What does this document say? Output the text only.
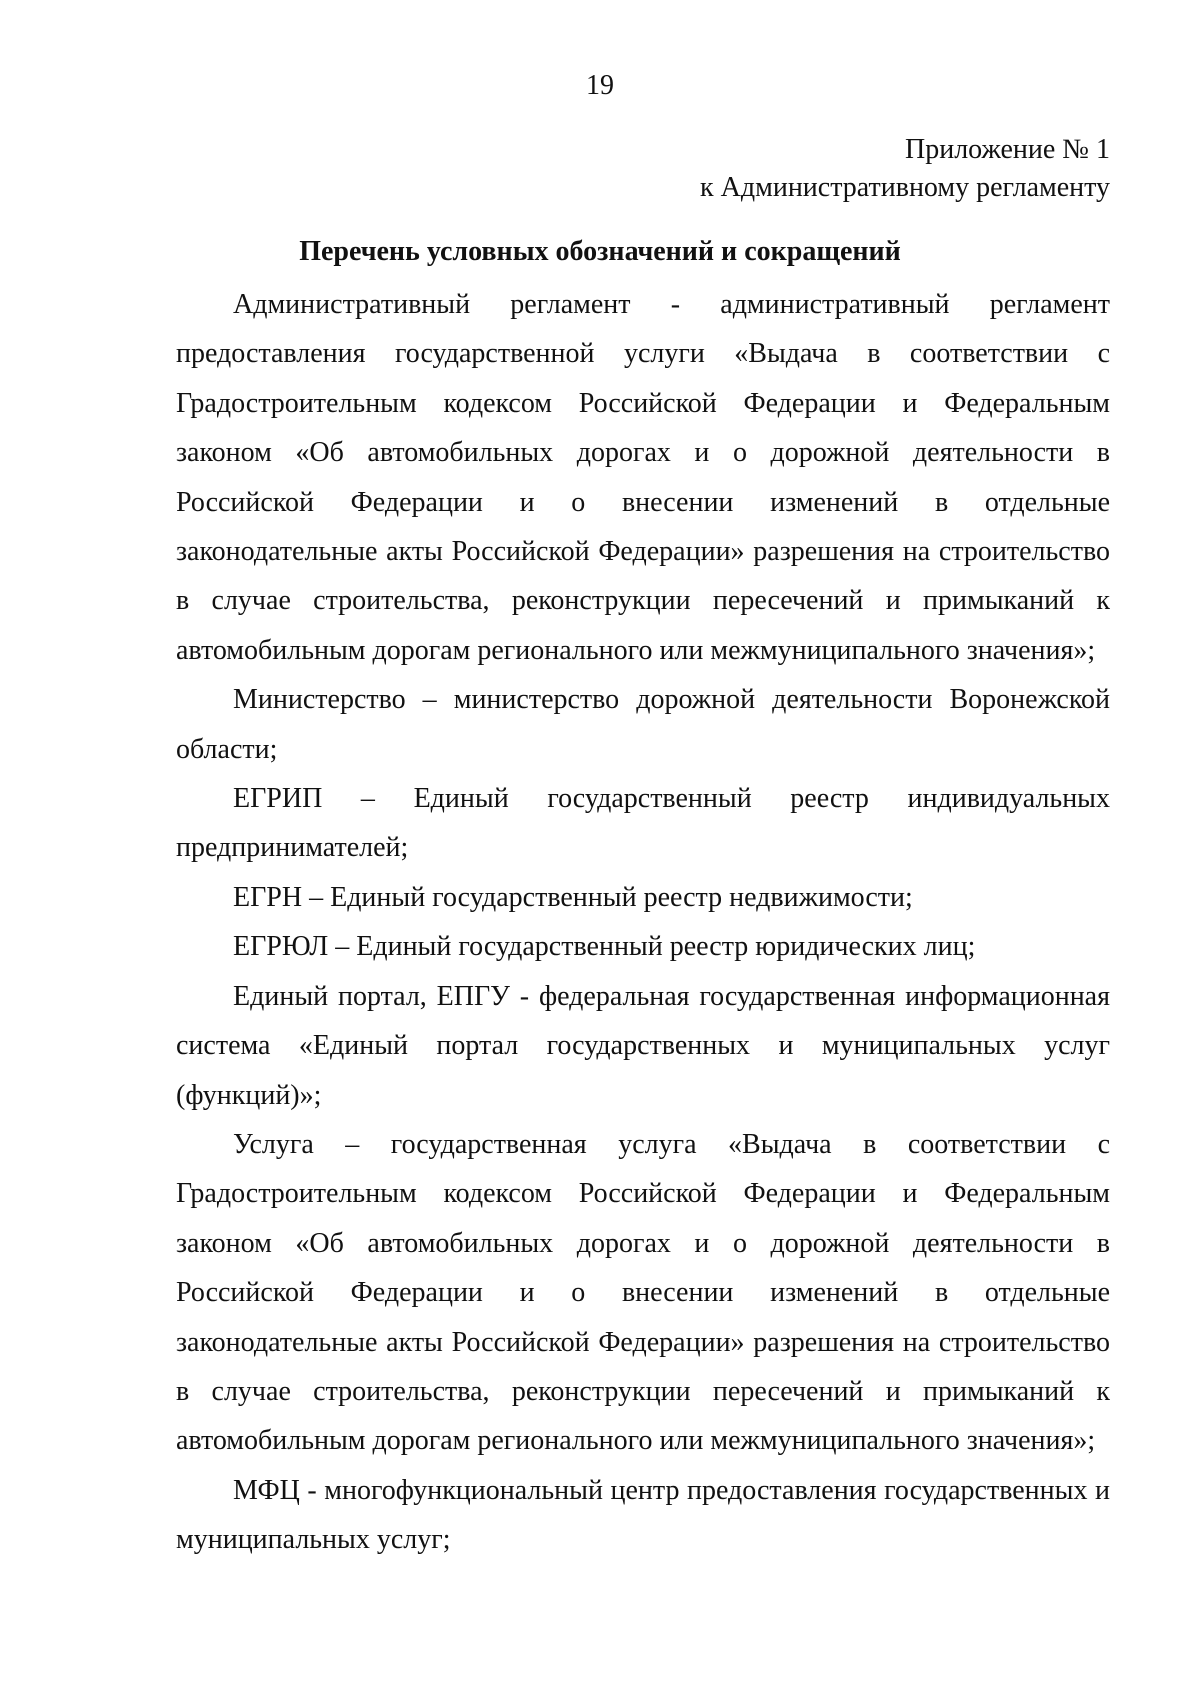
19
Приложение № 1
к Административному регламенту
Перечень условных обозначений и сокращений

Административный регламент - административный регламент предоставления государственной услуги «Выдача в соответствии с Градостроительным кодексом Российской Федерации и Федеральным законом «Об автомобильных дорогах и о дорожной деятельности в Российской Федерации и о внесении изменений в отдельные законодательные акты Российской Федерации» разрешения на строительство в случае строительства, реконструкции пересечений и примыканий к автомобильным дорогам регионального или межмуниципального значения»;

Министерство – министерство дорожной деятельности Воронежской области;

ЕГРИП – Единый государственный реестр индивидуальных предпринимателей;

ЕГРН – Единый государственный реестр недвижимости;

ЕГРЮЛ – Единый государственный реестр юридических лиц;

Единый портал, ЕПГУ - федеральная государственная информационная система «Единый портал государственных и муниципальных услуг (функций)»;

Услуга – государственная услуга «Выдача в соответствии с Градостроительным кодексом Российской Федерации и Федеральным законом «Об автомобильных дорогах и о дорожной деятельности в Российской Федерации и о внесении изменений в отдельные законодательные акты Российской Федерации» разрешения на строительство в случае строительства, реконструкции пересечений и примыканий к автомобильным дорогам регионального или межмуниципального значения»;

МФЦ - многофункциональный центр предоставления государственных и муниципальных услуг;
